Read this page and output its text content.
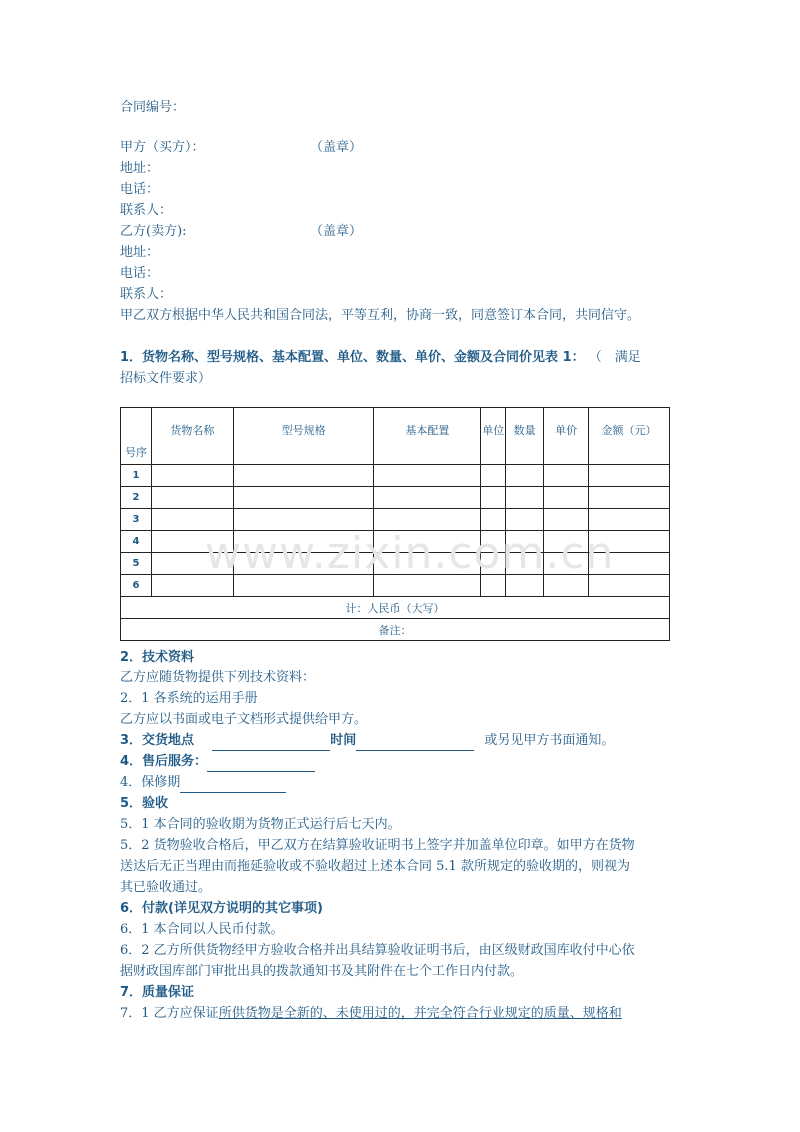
合同编号：
甲方（买方）：	（盖章）
地址：
电话：
联系人：
乙方(卖方):	（盖章）
地址：
电话：
联系人：
甲乙双方根据中华人民共和国合同法，平等互利，协商一致，同意签订本合同，共同信守。
1．货物名称、型号规格、基本配置、单位、数量、单价、金额及合同价见表 1： （　满足
招标文件要求）
号序	货物名称	型号规格	基本配置	单位	数量	单价	金额（元）
1							
2							
3							
4							
5							
6							
计：人民币（大写）							
备注：							
www.zixin.com.cn
2．技术资料
乙方应随货物提供下列技术资料：
2．1 各系统的运用手册
乙方应以书面或电子文档形式提供给甲方。
3．交货地点	时间	或另见甲方书面通知。
4．售后服务：
4．保修期
5．验收
5．1 本合同的验收期为货物正式运行后七天内。
5．2 货物验收合格后，甲乙双方在结算验收证明书上签字并加盖单位印章。如甲方在货物
送达后无正当理由而拖延验收或不验收超过上述本合同 5.1 款所规定的验收期的，则视为
其已验收通过。
6．付款(详见双方说明的其它事项)
6．1 本合同以人民币付款。
6．2 乙方所供货物经甲方验收合格并出具结算验收证明书后，由区级财政国库收付中心依
据财政国库部门审批出具的拨款通知书及其附件在七个工作日内付款。
7．质量保证
7．1 乙方应保证所供货物是全新的、未使用过的，并完全符合行业规定的质量、规格和
